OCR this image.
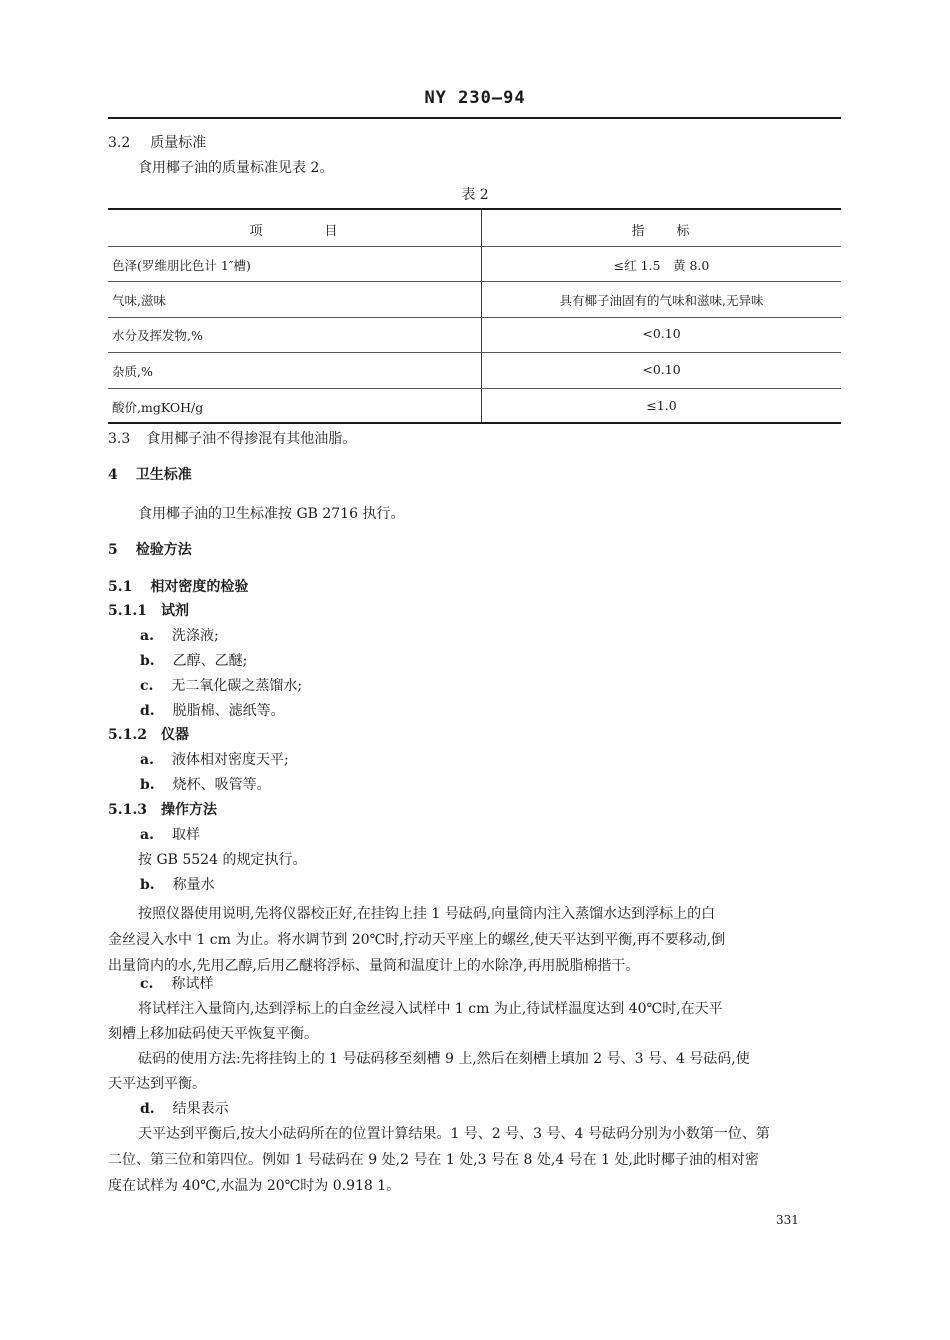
NY 230—94
3.2 质量标准
食用椰子油的质量标准见表 2。
表 2
项　　　　目	指　　标
色泽(罗维朋比色计 1″槽)	≤红 1.5　黄 8.0
气味,滋味	具有椰子油固有的气味和滋味,无异味
水分及挥发物,%	<0.10
杂质,%	<0.10
酸价,mgKOH/g	≤1.0
3.3 食用椰子油不得掺混有其他油脂。
4 卫生标准
食用椰子油的卫生标准按 GB 2716 执行。
5 检验方法
5.1 相对密度的检验
5.1.1 试剂
a. 洗涤液;
b. 乙醇、乙醚;
c. 无二氧化碳之蒸馏水;
d. 脱脂棉、滤纸等。
5.1.2 仪器
a. 液体相对密度天平;
b. 烧杯、吸管等。
5.1.3 操作方法
a. 取样
按 GB 5524 的规定执行。
b. 称量水
按照仪器使用说明,先将仪器校正好,在挂钩上挂 1 号砝码,向量筒内注入蒸馏水达到浮标上的白
金丝浸入水中 1 cm 为止。将水调节到 20℃时,拧动天平座上的螺丝,使天平达到平衡,再不要移动,倒
出量筒内的水,先用乙醇,后用乙醚将浮标、量筒和温度计上的水除净,再用脱脂棉揩干。
c. 称试样
将试样注入量筒内,达到浮标上的白金丝浸入试样中 1 cm 为止,待试样温度达到 40℃时,在天平
刻槽上移加砝码使天平恢复平衡。
砝码的使用方法:先将挂钩上的 1 号砝码移至刻槽 9 上,然后在刻槽上填加 2 号、3 号、4 号砝码,使
天平达到平衡。
d. 结果表示
天平达到平衡后,按大小砝码所在的位置计算结果。1 号、2 号、3 号、4 号砝码分别为小数第一位、第
二位、第三位和第四位。例如 1 号砝码在 9 处,2 号在 1 处,3 号在 8 处,4 号在 1 处,此时椰子油的相对密
度在试样为 40℃,水温为 20℃时为 0.918 1。
331
